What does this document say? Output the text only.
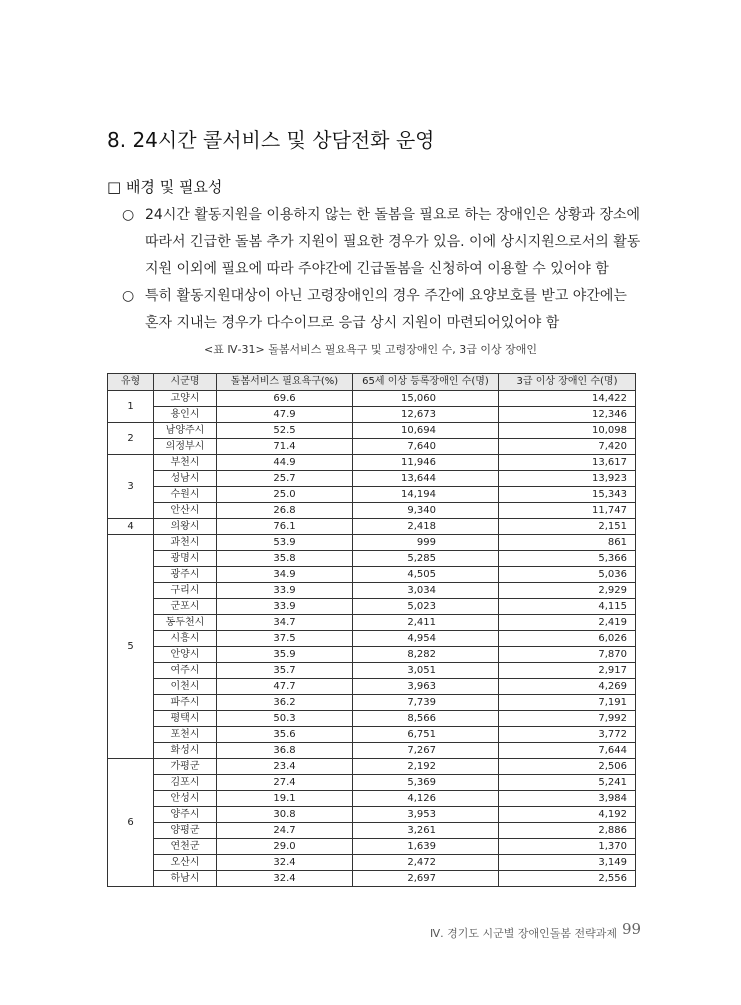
8. 24시간 콜서비스 및 상담전화 운영
□ 배경 및 필요성
○ 24시간 활동지원을 이용하지 않는 한 돌봄을 필요로 하는 장애인은 상황과 장소에
따라서 긴급한 돌봄 추가 지원이 필요한 경우가 있음. 이에 상시지원으로서의 활동
지원 이외에 필요에 따라 주야간에 긴급돌봄을 신청하여 이용할 수 있어야 함
○ 특히 활동지원대상이 아닌 고령장애인의 경우 주간에 요양보호를 받고 야간에는
혼자 지내는 경우가 다수이므로 응급 상시 지원이 마련되어있어야 함
<표 Ⅳ-31> 돌봄서비스 필요욕구 및 고령장애인 수, 3급 이상 장애인
유형	시군명	돌봄서비스 필요욕구(%)	65세 이상 등록장애인 수(명)	3급 이상 장애인 수(명)
1	고양시	69.6	15,060	14,422
	용인시	47.9	12,673	12,346
2	남양주시	52.5	10,694	10,098
	의정부시	71.4	7,640	7,420
3	부천시	44.9	11,946	13,617
	성남시	25.7	13,644	13,923
	수원시	25.0	14,194	15,343
	안산시	26.8	9,340	11,747
4	의왕시	76.1	2,418	2,151
5	과천시	53.9	999	861
	광명시	35.8	5,285	5,366
	광주시	34.9	4,505	5,036
	구리시	33.9	3,034	2,929
	군포시	33.9	5,023	4,115
	동두천시	34.7	2,411	2,419
	시흥시	37.5	4,954	6,026
	안양시	35.9	8,282	7,870
	여주시	35.7	3,051	2,917
	이천시	47.7	3,963	4,269
	파주시	36.2	7,739	7,191
	평택시	50.3	8,566	7,992
	포천시	35.6	6,751	3,772
	화성시	36.8	7,267	7,644
6	가평군	23.4	2,192	2,506
	김포시	27.4	5,369	5,241
	안성시	19.1	4,126	3,984
	양주시	30.8	3,953	4,192
	양평군	24.7	3,261	2,886
	연천군	29.0	1,639	1,370
	오산시	32.4	2,472	3,149
	하남시	32.4	2,697	2,556
Ⅳ. 경기도 시군별 장애인돌봄 전략과제 99
